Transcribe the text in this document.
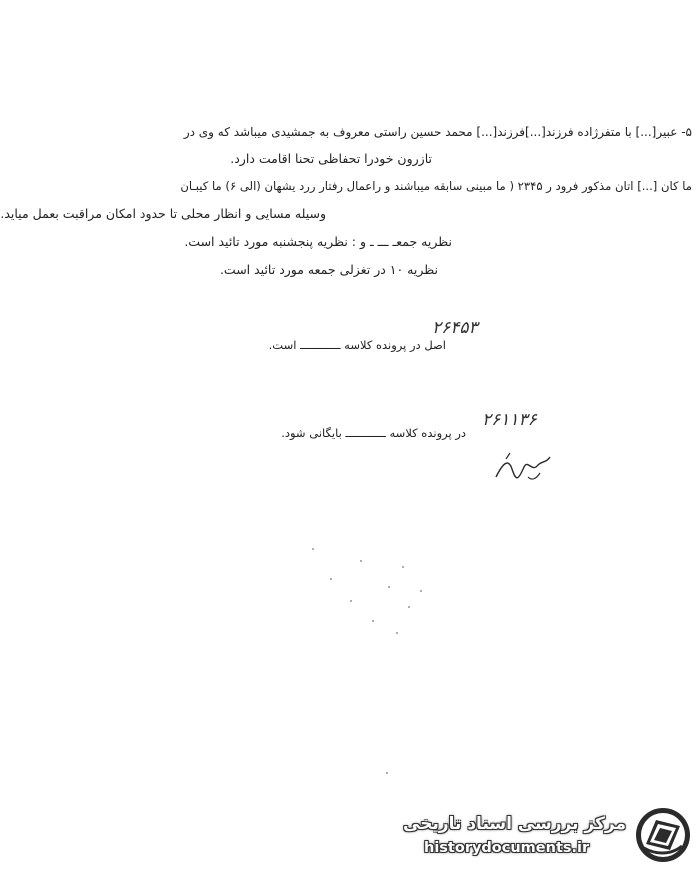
۵- عبیر[...] با متفرژاده فرزند[...]فرزند[...] محمد حسین راستی معروف به جمشیدی میباشد که وی در
تازرون خودرا تحفاظی تحنا اقامت دارد.
ما کان [...] اتان مذکور فرود ر ۲۳۴۵ ( ما مبینی سابقه میباشند و راعمال رفتار ررد یشهان (الی ۶) ما کیبـان
وسیله مسایی و انظار محلی تا حدود امکان مراقبت بعمل میاید.
نظریه جمعـ ـــ ـ و : نظریه پنجشنبه مورد تائید است.
نظریه ۱۰ در تغزلی جمعه مورد تائید است.
اصل در پرونده کلاسه ــــــــــــ است.
۲۶۴۵۳
در پرونده کلاسه ــــــــــــ بایگانی شود.
۲۶۱۱۳۶
مرکز بررسی اسناد تاریخی
historydocuments.ir
